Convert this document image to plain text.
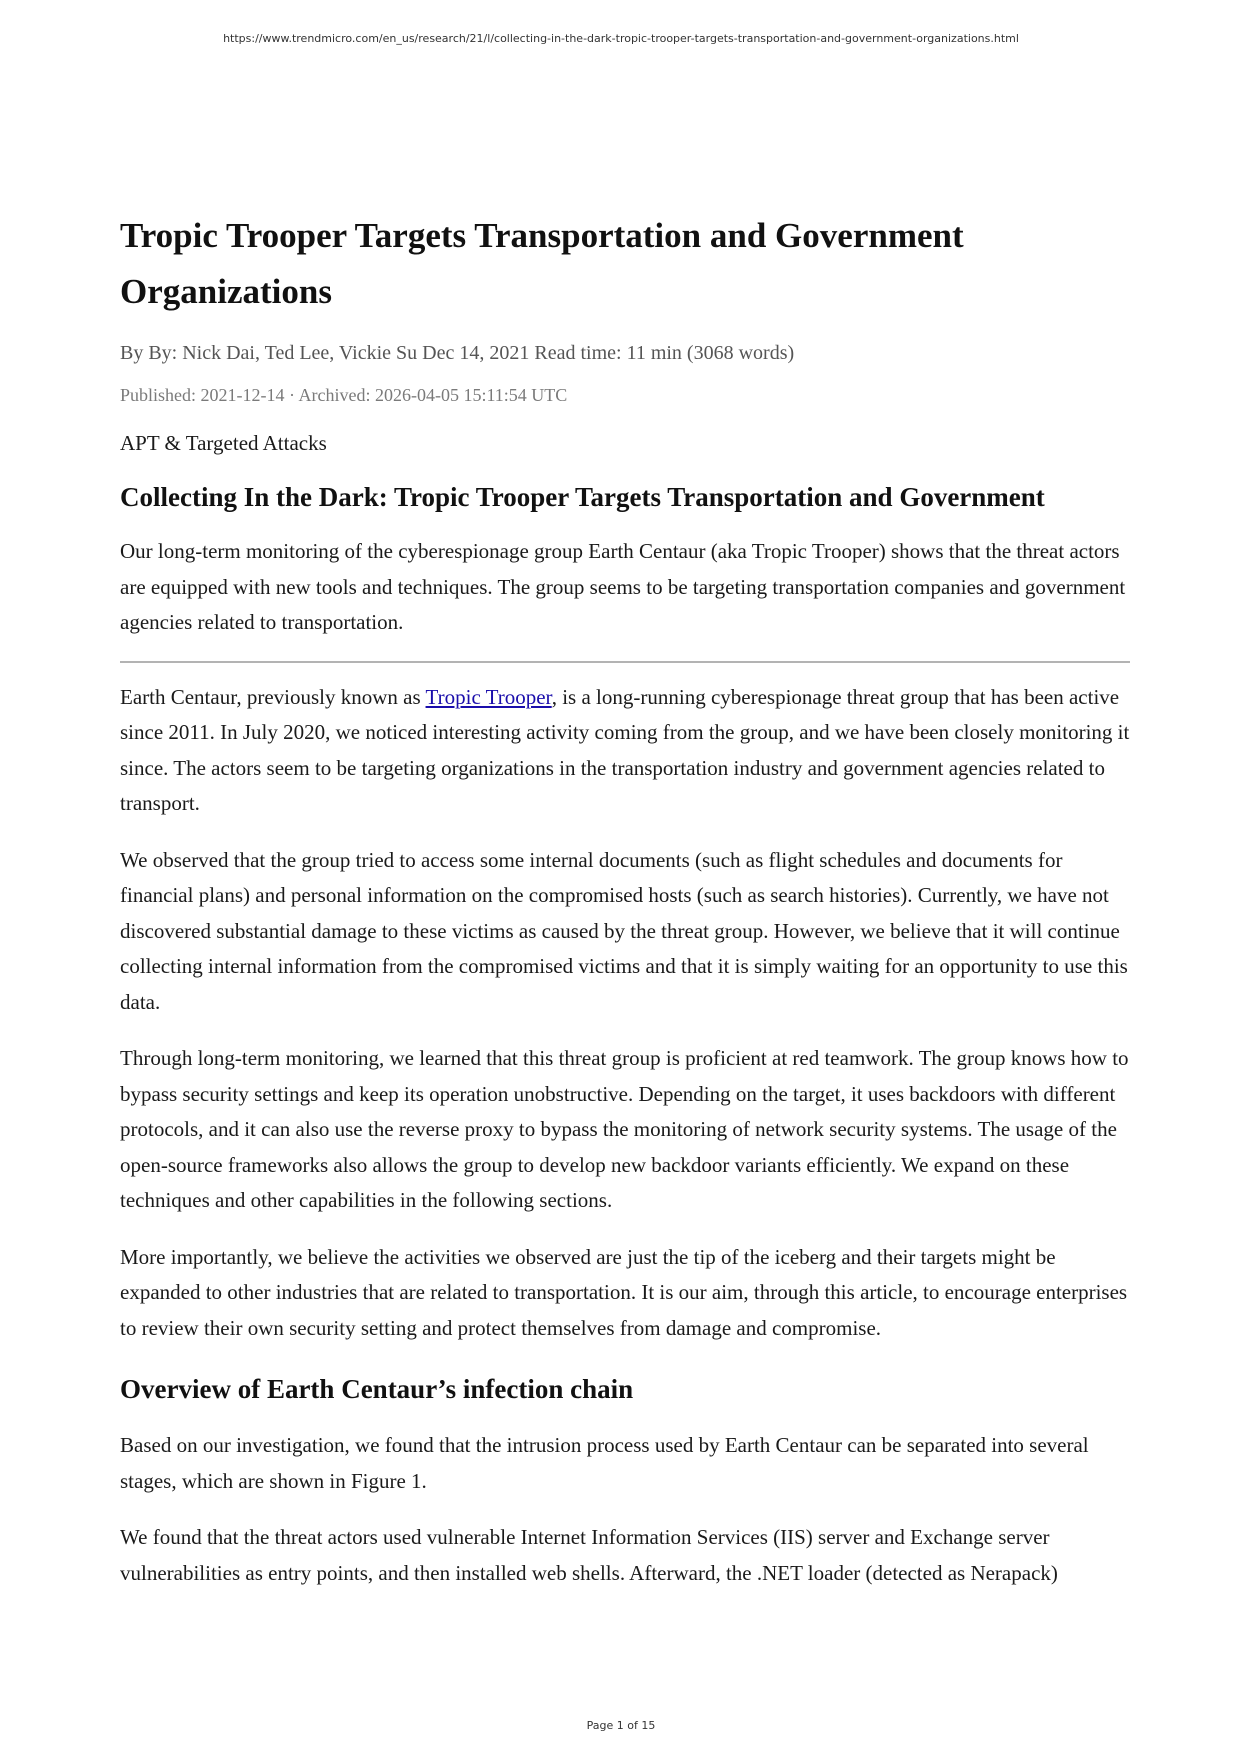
https://www.trendmicro.com/en_us/research/21/l/collecting-in-the-dark-tropic-trooper-targets-transportation-and-government-organizations.html
Tropic Trooper Targets Transportation and Government Organizations
By By: Nick Dai, Ted Lee, Vickie Su Dec 14, 2021 Read time: 11 min (3068 words)
Published: 2021-12-14 · Archived: 2026-04-05 15:11:54 UTC
APT & Targeted Attacks
Collecting In the Dark: Tropic Trooper Targets Transportation and Government

Our long-term monitoring of the cyberespionage group Earth Centaur (aka Tropic Trooper) shows that the threat actors are equipped with new tools and techniques. The group seems to be targeting transportation companies and government agencies related to transportation.

Earth Centaur, previously known as Tropic Trooper, is a long-running cyberespionage threat group that has been active since 2011. In July 2020, we noticed interesting activity coming from the group, and we have been closely monitoring it since. The actors seem to be targeting organizations in the transportation industry and government agencies related to transport.

We observed that the group tried to access some internal documents (such as flight schedules and documents for financial plans) and personal information on the compromised hosts (such as search histories). Currently, we have not discovered substantial damage to these victims as caused by the threat group. However, we believe that it will continue collecting internal information from the compromised victims and that it is simply waiting for an opportunity to use this data.

Through long-term monitoring, we learned that this threat group is proficient at red teamwork. The group knows how to bypass security settings and keep its operation unobstructive. Depending on the target, it uses backdoors with different protocols, and it can also use the reverse proxy to bypass the monitoring of network security systems. The usage of the open-source frameworks also allows the group to develop new backdoor variants efficiently. We expand on these techniques and other capabilities in the following sections.

More importantly, we believe the activities we observed are just the tip of the iceberg and their targets might be expanded to other industries that are related to transportation. It is our aim, through this article, to encourage enterprises to review their own security setting and protect themselves from damage and compromise.

Overview of Earth Centaur’s infection chain

Based on our investigation, we found that the intrusion process used by Earth Centaur can be separated into several stages, which are shown in Figure 1.

We found that the threat actors used vulnerable Internet Information Services (IIS) server and Exchange server vulnerabilities as entry points, and then installed web shells. Afterward, the .NET loader (detected as Nerapack)

Page 1 of 15
